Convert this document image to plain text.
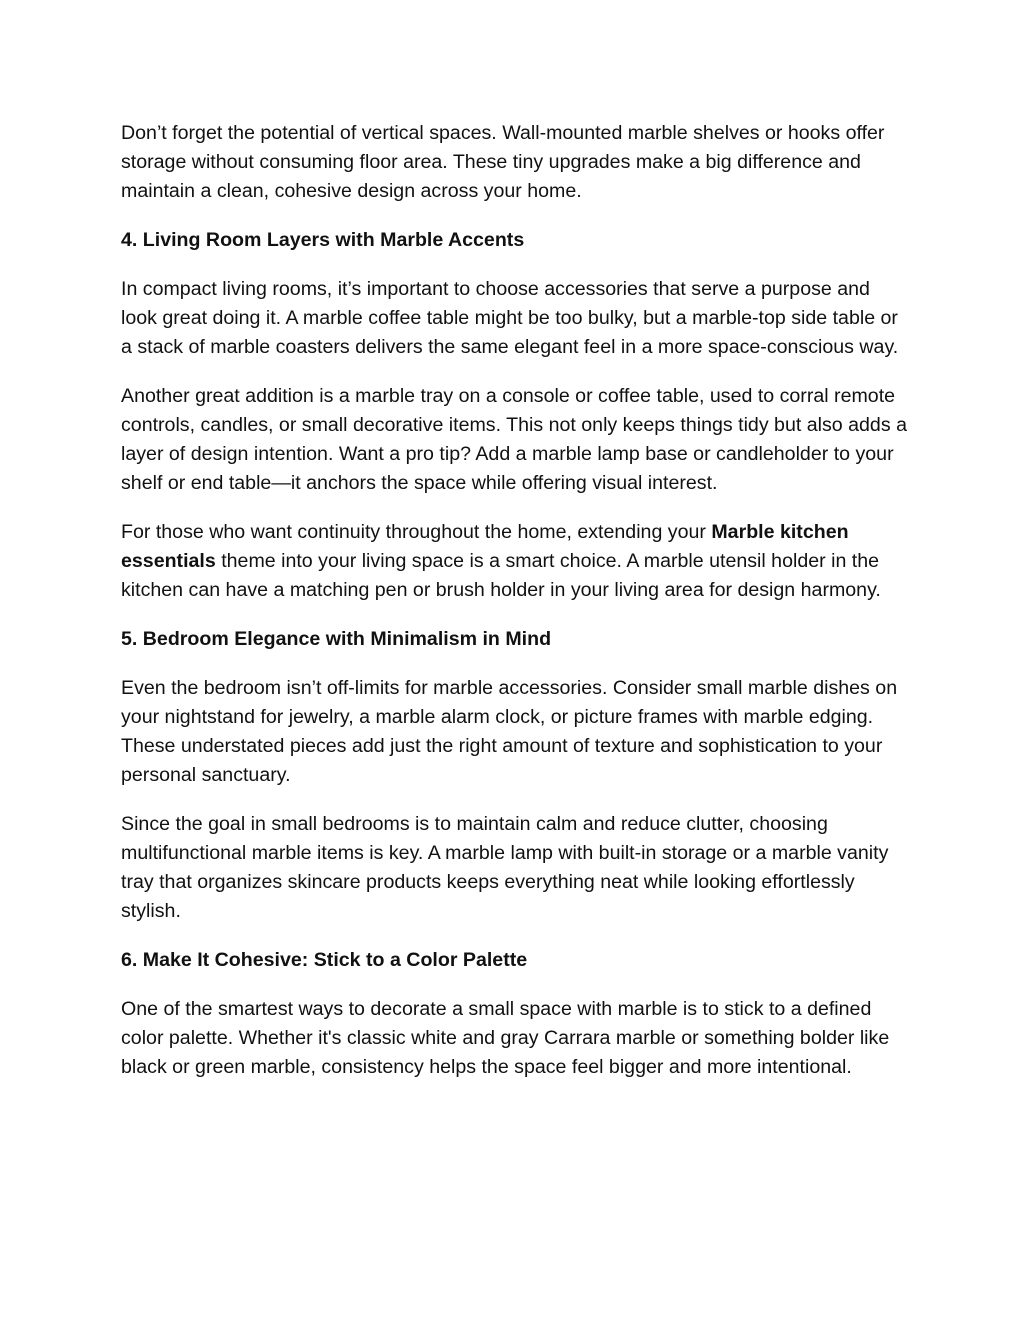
Don’t forget the potential of vertical spaces. Wall-mounted marble shelves or hooks offer storage without consuming floor area. These tiny upgrades make a big difference and maintain a clean, cohesive design across your home.

4. Living Room Layers with Marble Accents

In compact living rooms, it’s important to choose accessories that serve a purpose and look great doing it. A marble coffee table might be too bulky, but a marble-top side table or a stack of marble coasters delivers the same elegant feel in a more space-conscious way.

Another great addition is a marble tray on a console or coffee table, used to corral remote controls, candles, or small decorative items. This not only keeps things tidy but also adds a layer of design intention. Want a pro tip? Add a marble lamp base or candleholder to your shelf or end table—it anchors the space while offering visual interest.

For those who want continuity throughout the home, extending your Marble kitchen essentials theme into your living space is a smart choice. A marble utensil holder in the kitchen can have a matching pen or brush holder in your living area for design harmony.

5. Bedroom Elegance with Minimalism in Mind

Even the bedroom isn’t off-limits for marble accessories. Consider small marble dishes on your nightstand for jewelry, a marble alarm clock, or picture frames with marble edging. These understated pieces add just the right amount of texture and sophistication to your personal sanctuary.

Since the goal in small bedrooms is to maintain calm and reduce clutter, choosing multifunctional marble items is key. A marble lamp with built-in storage or a marble vanity tray that organizes skincare products keeps everything neat while looking effortlessly stylish.

6. Make It Cohesive: Stick to a Color Palette

One of the smartest ways to decorate a small space with marble is to stick to a defined color palette. Whether it's classic white and gray Carrara marble or something bolder like black or green marble, consistency helps the space feel bigger and more intentional.
